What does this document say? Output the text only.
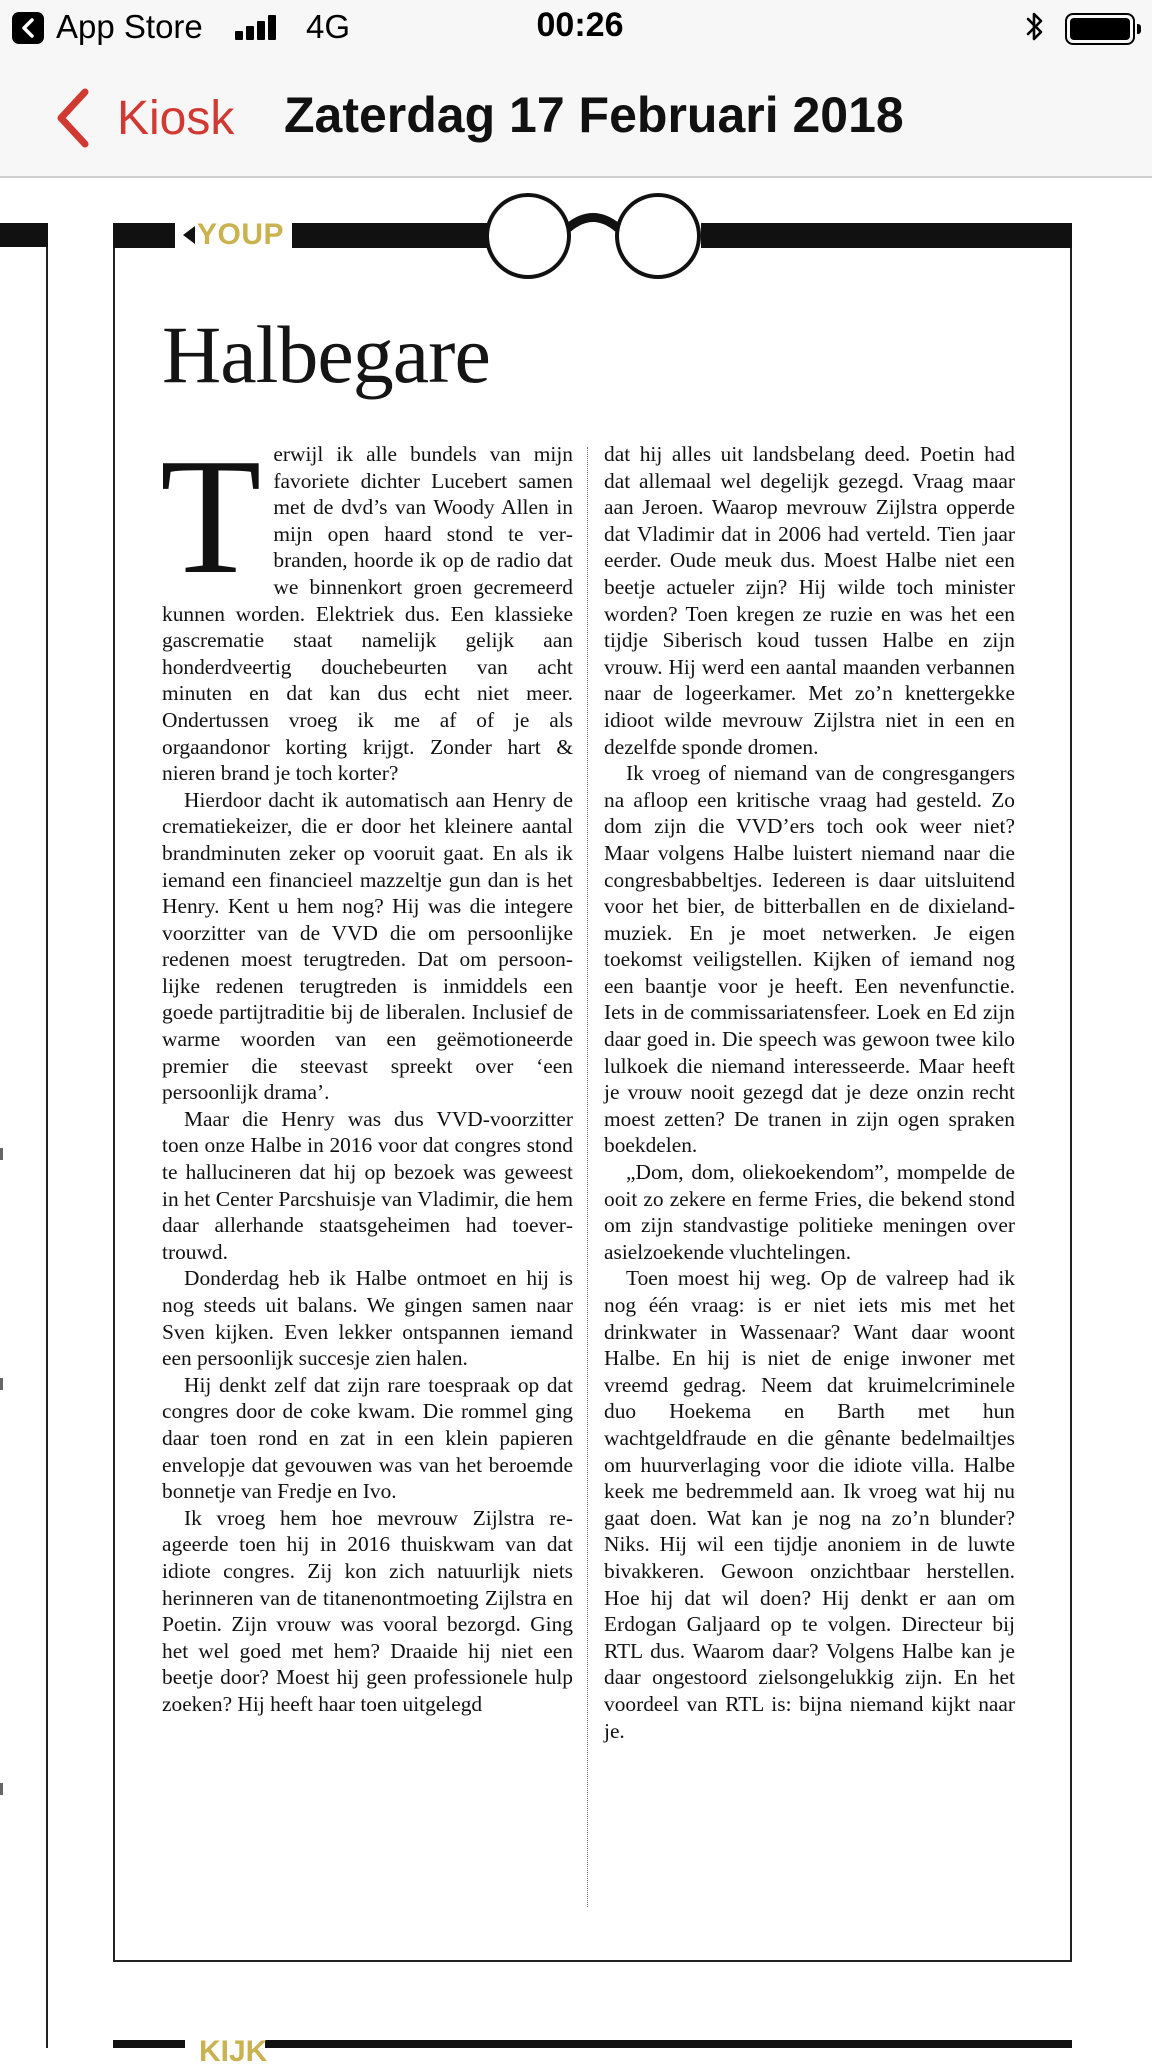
App Store	4G	00:26
Kiosk Zaterdag 17 Februari 2018
YOUP
Halbegare

Terwijl ik alle bundels van mijn favoriete dichter Lucebert samen met de dvd’s van Woody Allen in mijn open haard stond te verbranden, hoorde ik op de radio dat we binnenkort groen gecremeerd kunnen worden. Elektriek dus. Een klassieke gascrematie staat namelijk gelijk aan honderdveertig douchebeurten van acht minuten en dat kan dus echt niet meer. Ondertussen vroeg ik me af of je als orgaandonor korting krijgt. Zonder hart & nieren brand je toch korter?

Hierdoor dacht ik automatisch aan Henry de crematiekeizer, die er door het kleinere aantal brandminuten zeker op vooruit gaat. En als ik iemand een financieel mazzeltje gun dan is het Henry. Kent u hem nog? Hij was die integere voorzitter van de VVD die om persoonlijke redenen moest terugtreden. Dat om persoonlijke redenen terugtreden is inmiddels een goede partijtraditie bij de liberalen. Inclusief de warme woorden van een geëmotioneerde premier die steevast spreekt over ‘een persoonlijk drama’.

Maar die Henry was dus VVD-voorzitter toen onze Halbe in 2016 voor dat congres stond te hallucineren dat hij op bezoek was geweest in het Center Parcshuisje van Vladimir, die hem daar allerhande staatsgeheimen had toevertrouwd.

Donderdag heb ik Halbe ontmoet en hij is nog steeds uit balans. We gingen samen naar Sven kijken. Even lekker ontspannen iemand een persoonlijk succesje zien halen.

Hij denkt zelf dat zijn rare toespraak op dat congres door de coke kwam. Die rommel ging daar toen rond en zat in een klein papieren envelopje dat gevouwen was van het beroemde bonnetje van Fredje en Ivo.

Ik vroeg hem hoe mevrouw Zijlstra reageerde toen hij in 2016 thuiskwam van dat idiote congres. Zij kon zich natuurlijk niets herinneren van de titanenontmoeting Zijlstra en Poetin. Zijn vrouw was vooral bezorgd. Ging het wel goed met hem? Draaide hij niet een beetje door? Moest hij geen professionele hulp zoeken? Hij heeft haar toen uitgelegd

dat hij alles uit landsbelang deed. Poetin had dat allemaal wel degelijk gezegd. Vraag maar aan Jeroen. Waarop mevrouw Zijlstra opperde dat Vladimir dat in 2006 had verteld. Tien jaar eerder. Oude meuk dus. Moest Halbe niet een beetje actueler zijn? Hij wilde toch minister worden? Toen kregen ze ruzie en was het een tijdje Siberisch koud tussen Halbe en zijn vrouw. Hij werd een aantal maanden verbannen naar de logeerkamer. Met zo’n knettergekke idioot wilde mevrouw Zijlstra niet in een en dezelfde sponde dromen.

Ik vroeg of niemand van de congresgangers na afloop een kritische vraag had gesteld. Zo dom zijn die VVD’ers toch ook weer niet? Maar volgens Halbe luistert niemand naar die congresbabbeltjes. Iedereen is daar uitsluitend voor het bier, de bitterballen en de dixielandmuziek. En je moet netwerken. Je eigen toekomst veiligstellen. Kijken of iemand nog een baantje voor je heeft. Een nevenfunctie. Iets in de commissariatensfeer. Loek en Ed zijn daar goed in. Die speech was gewoon twee kilo lulkoek die niemand interesseerde. Maar heeft je vrouw nooit gezegd dat je deze onzin recht moest zetten? De tranen in zijn ogen spraken boekdelen.

„Dom, dom, oliekoekendom”, mompelde de ooit zo zekere en ferme Fries, die bekend stond om zijn standvastige politieke meningen over asielzoekende vluchtelingen.

Toen moest hij weg. Op de valreep had ik nog één vraag: is er niet iets mis met het drinkwater in Wassenaar? Want daar woont Halbe. En hij is niet de enige inwoner met vreemd gedrag. Neem dat kruimelcriminele duo Hoekema en Barth met hun wachtgeldfraude en die gênante bedelmailtjes om huurverlaging voor die idiote villa. Halbe keek me bedremmeld aan. Ik vroeg wat hij nu gaat doen. Wat kan je nog na zo’n blunder? Niks. Hij wil een tijdje anoniem in de luwte bivakkeren. Gewoon onzichtbaar herstellen. Hoe hij dat wil doen? Hij denkt er aan om Erdogan Galjaard op te volgen. Directeur bij RTL dus. Waarom daar? Volgens Halbe kan je daar ongestoord zielsongelukkig zijn. En het voordeel van RTL is: bijna niemand kijkt naar je.

KIJK
